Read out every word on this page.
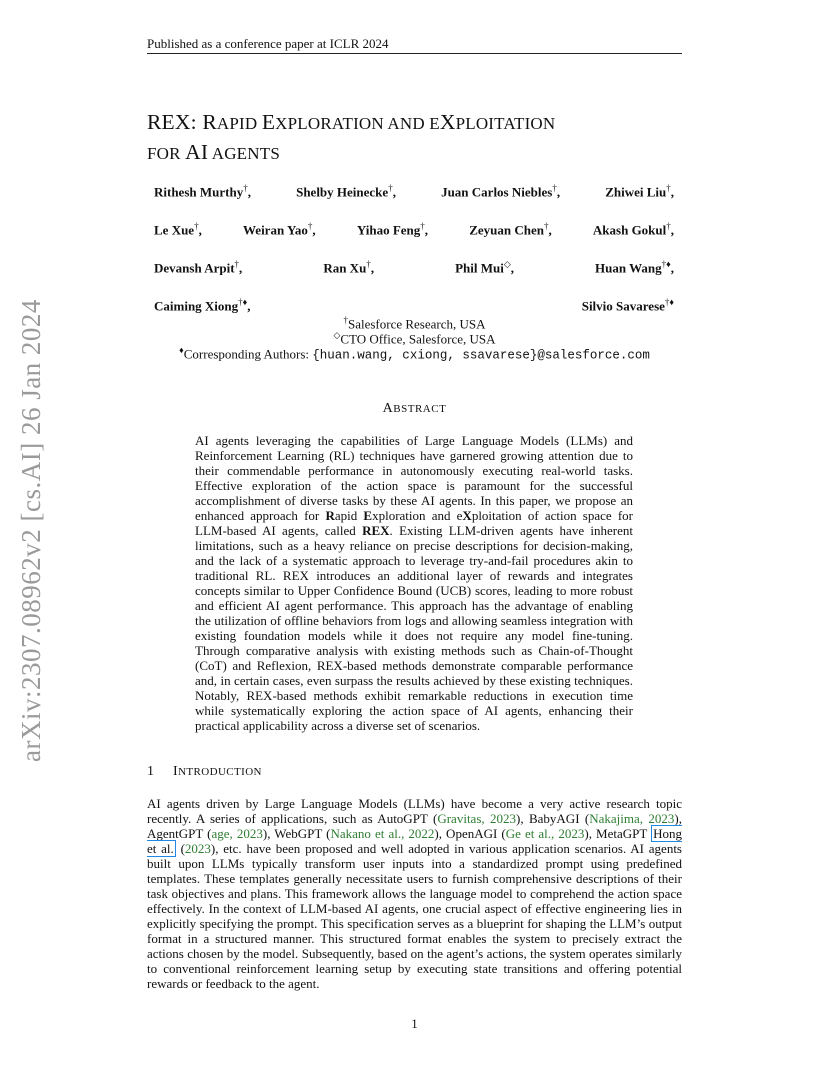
Published as a conference paper at ICLR 2024
arXiv:2307.08962v2 [cs.AI] 26 Jan 2024
REX: RAPID EXPLORATION AND EXPLOITATION
FOR AI AGENTS
Rithesh Murthy†,	Shelby Heinecke†,	Juan Carlos Niebles†,	Zhiwei Liu†,
Le Xue†,	Weiran Yao†,	Yihao Feng†,	Zeyuan Chen†,	Akash Gokul†,
Devansh Arpit†,	Ran Xu†,	Phil Mui◇,	Huan Wang†♦,
Caiming Xiong†♦,	Silvio Savarese†♦
†Salesforce Research, USA
◇CTO Office, Salesforce, USA
♦Corresponding Authors: {huan.wang, cxiong, ssavarese}@salesforce.com
ABSTRACT
AI agents leveraging the capabilities of Large Language Models (LLMs) and Reinforcement Learning (RL) techniques have garnered growing attention due to their commendable performance in autonomously executing real-world tasks. Effective exploration of the action space is paramount for the successful accomplishment of diverse tasks by these AI agents. In this paper, we propose an enhanced approach for Rapid Exploration and eXploitation of action space for LLM-based AI agents, called REX. Existing LLM-driven agents have inherent limitations, such as a heavy reliance on precise descriptions for decision-making, and the lack of a systematic approach to leverage try-and-fail procedures akin to traditional RL. REX introduces an additional layer of rewards and integrates concepts similar to Upper Confidence Bound (UCB) scores, leading to more robust and efficient AI agent performance. This approach has the advantage of enabling the utilization of offline behaviors from logs and allowing seamless integration with existing foundation models while it does not require any model fine-tuning. Through comparative analysis with existing methods such as Chain-of-Thought (CoT) and Reflexion, REX-based methods demonstrate comparable performance and, in certain cases, even surpass the results achieved by these existing techniques. Notably, REX-based methods exhibit remarkable reductions in execution time while systematically exploring the action space of AI agents, enhancing their practical applicability across a diverse set of scenarios.
1 INTRODUCTION
AI agents driven by Large Language Models (LLMs) have become a very active research topic recently. A series of applications, such as AutoGPT (Gravitas, 2023), BabyAGI (Nakajima, 2023), AgentGPT (age, 2023), WebGPT (Nakano et al., 2022), OpenAGI (Ge et al., 2023), MetaGPT Hong et al. (2023), etc. have been proposed and well adopted in various application scenarios. AI agents built upon LLMs typically transform user inputs into a standardized prompt using predefined templates. These templates generally necessitate users to furnish comprehensive descriptions of their task objectives and plans. This framework allows the language model to comprehend the action space effectively. In the context of LLM-based AI agents, one crucial aspect of effective engineering lies in explicitly specifying the prompt. This specification serves as a blueprint for shaping the LLM’s output format in a structured manner. This structured format enables the system to precisely extract the actions chosen by the model. Subsequently, based on the agent’s actions, the system operates similarly to conventional reinforcement learning setup by executing state transitions and offering potential rewards or feedback to the agent.
1
